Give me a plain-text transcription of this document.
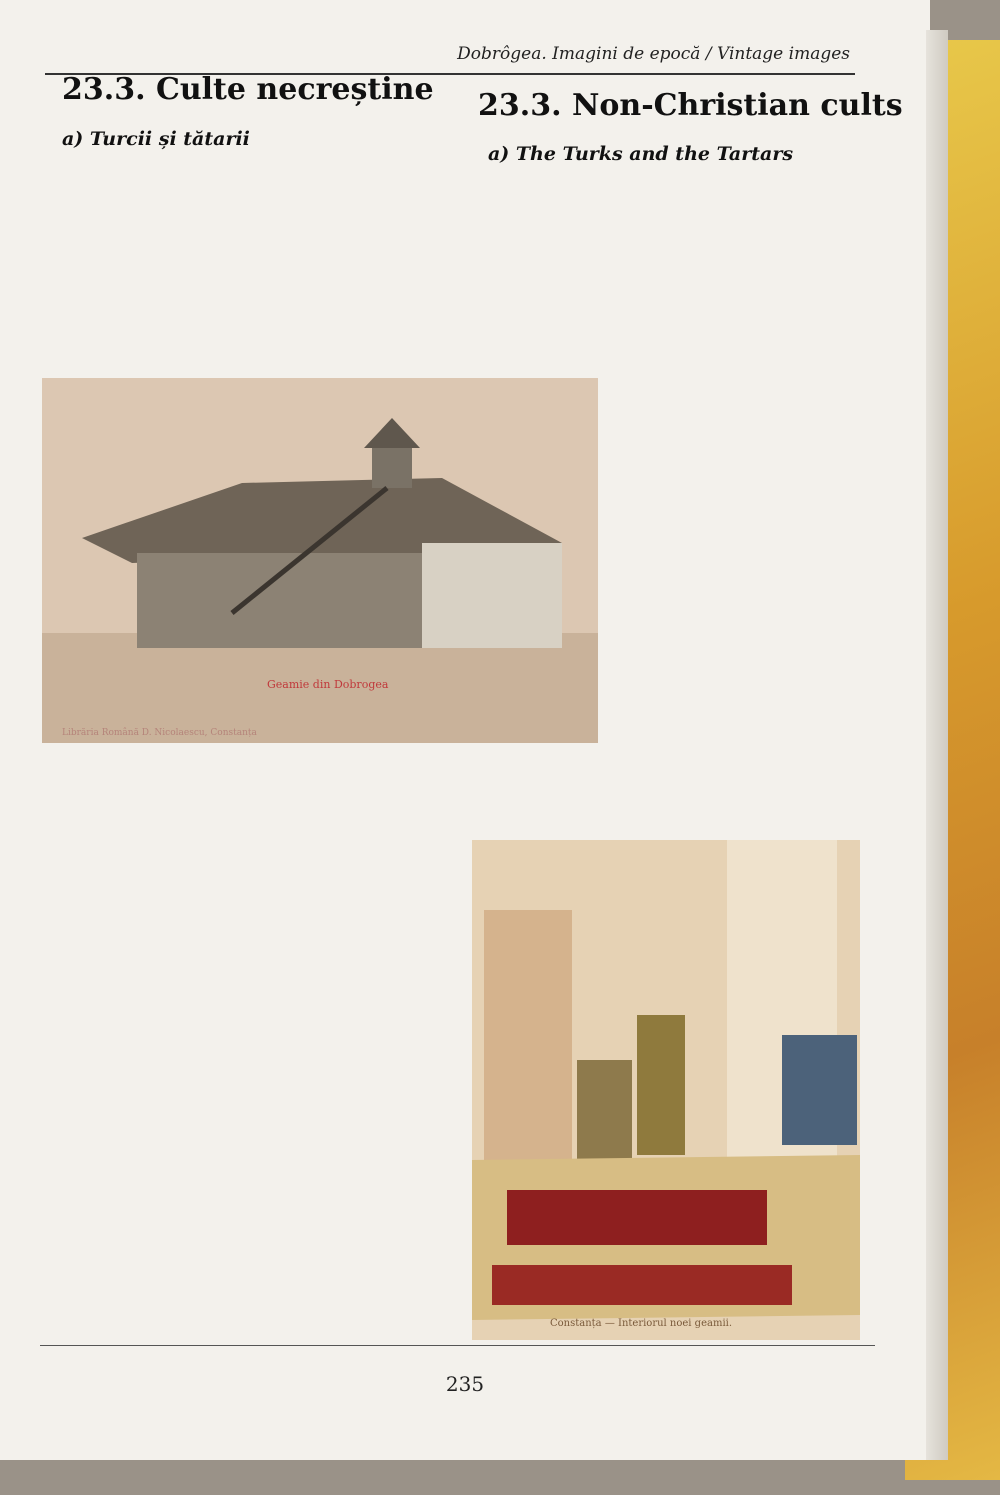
Dobrôgea. Imagini de epocă / Vintage images
23.3. Culte necreștine 23.3. Non-Christian cults
a) Turcii și tătarii
a) The Turks and the Tartars
Geamie din Dobrogea
Librăria Română D. Nicolaescu, Constanța
Constanța — Interiorul noei geamii.
235
